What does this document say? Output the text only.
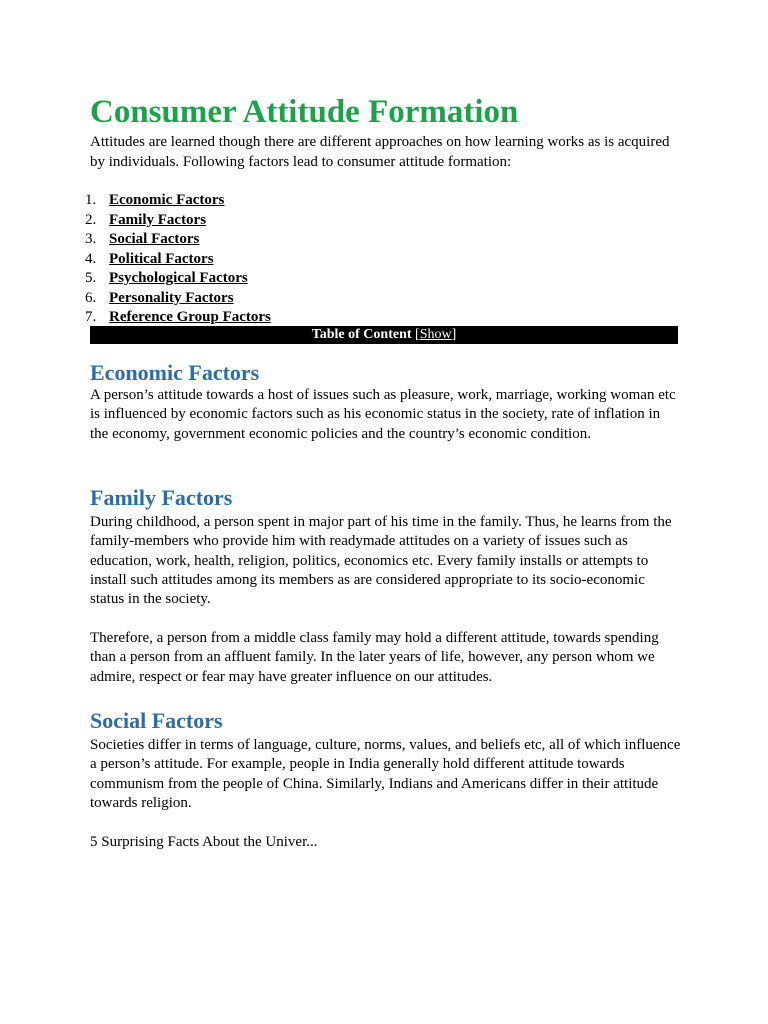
Consumer Attitude Formation

Attitudes are learned though there are different approaches on how learning works as is acquired by individuals. Following factors lead to consumer attitude formation:

1 .	Economic Factors
2 .	Family Factors
3 .	Social Factors
4 .	Political Factors
5 .	Psychological Factors
6 .	Personality Factors
7 .	Reference Group Factors
Table of Content [Show]
Economic Factors

A person’s attitude towards a host of issues such as pleasure, work, marriage, working woman etc is influenced by economic factors such as his economic status in the society, rate of inflation in the economy, government economic policies and the country’s economic condition.

Family Factors

During childhood, a person spent in major part of his time in the family. Thus, he learns from the family-members who provide him with readymade attitudes on a variety of issues such as education, work, health, religion, politics, economics etc. Every family installs or attempts to install such attitudes among its members as are considered appropriate to its socio-economic status in the society.

Therefore, a person from a middle class family may hold a different attitude, towards spending than a person from an affluent family. In the later years of life, however, any person whom we admire, respect or fear may have greater influence on our attitudes.

Social Factors

Societies differ in terms of language, culture, norms, values, and beliefs etc, all of which influence a person’s attitude. For example, people in India generally hold different attitude towards communism from the people of China. Similarly, Indians and Americans differ in their attitude towards religion.

5 Surprising Facts About the Univer...
